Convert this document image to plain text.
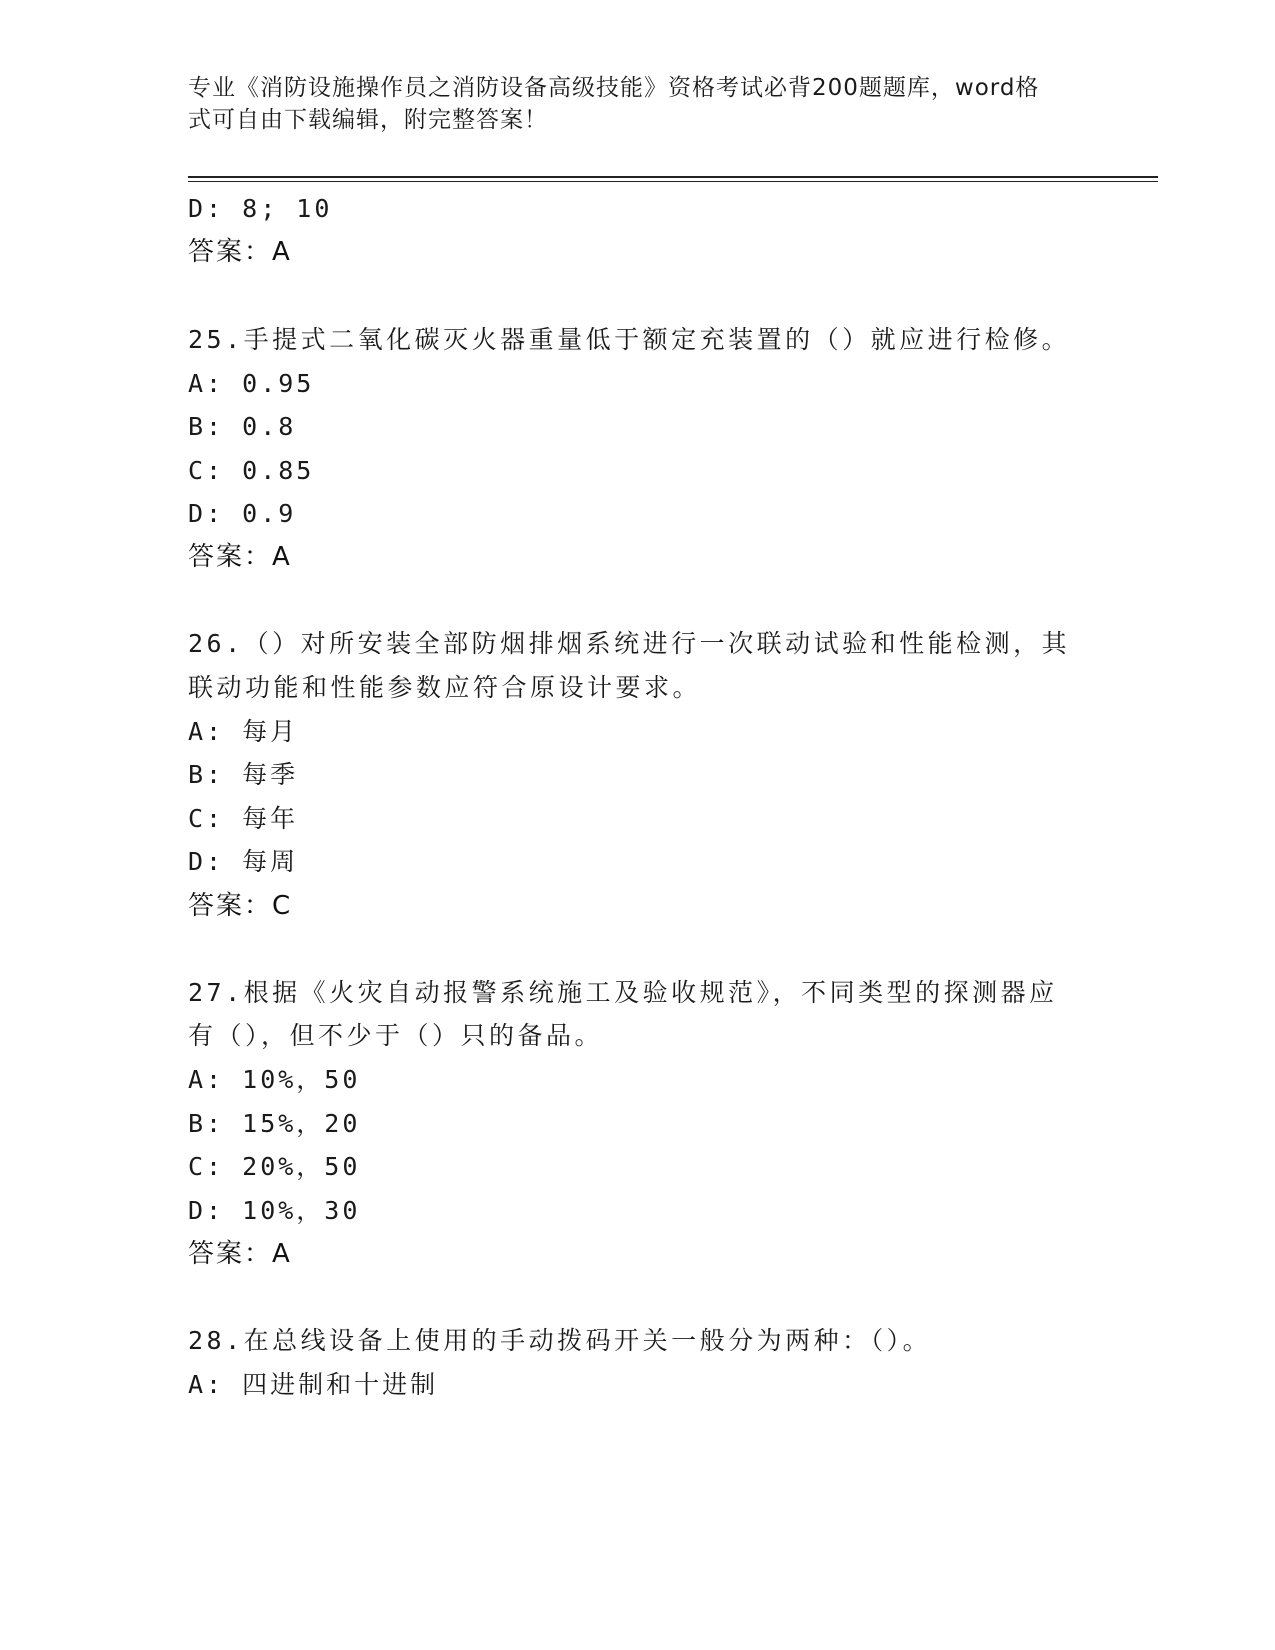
专业《消防设施操作员之消防设备高级技能》资格考试必背200题题库，word格
式可自由下载编辑，附完整答案！
D: 8; 10
答案：A
25.手提式二氧化碳灭火器重量低于额定充装置的（）就应进行检修。
A: 0.95
B: 0.8
C: 0.85
D: 0.9
答案：A
26.（）对所安装全部防烟排烟系统进行一次联动试验和性能检测，其
联动功能和性能参数应符合原设计要求。
A: 每月
B: 每季
C: 每年
D: 每周
答案：C
27.根据《火灾自动报警系统施工及验收规范》，不同类型的探测器应
有（），但不少于（）只的备品。
A: 10%，50
B: 15%，20
C: 20%，50
D: 10%，30
答案：A
28.在总线设备上使用的手动拨码开关一般分为两种：（）。
A: 四进制和十进制
